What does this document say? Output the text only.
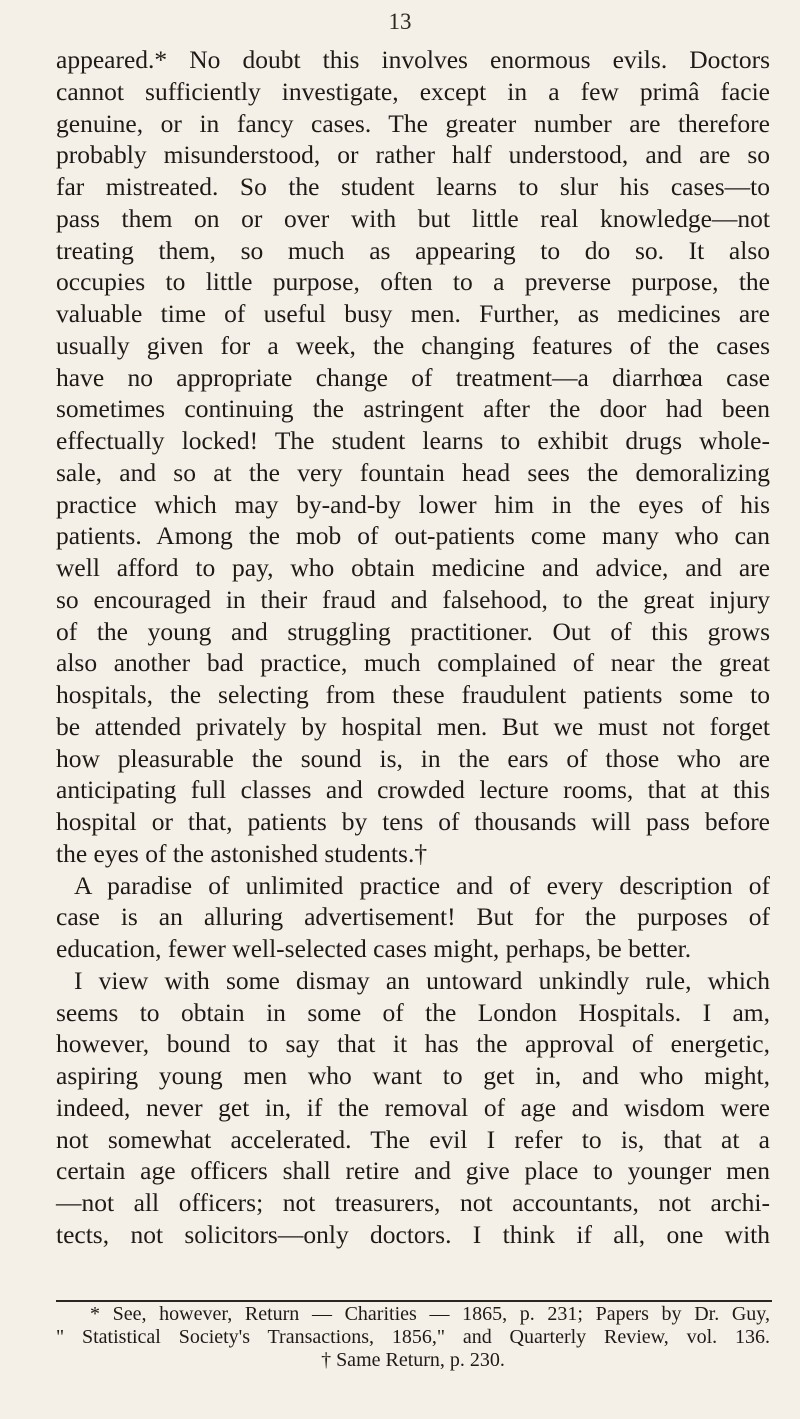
13
appeared.* No doubt this involves enormous evils. Doctors
cannot sufficiently investigate, except in a few primâ facie
genuine, or in fancy cases. The greater number are therefore
probably misunderstood, or rather half understood, and are so
far mistreated. So the student learns to slur his cases—to
pass them on or over with but little real knowledge—not
treating them, so much as appearing to do so. It also
occupies to little purpose, often to a preverse purpose, the
valuable time of useful busy men. Further, as medicines are
usually given for a week, the changing features of the cases
have no appropriate change of treatment—a diarrhœa case
sometimes continuing the astringent after the door had been
effectually locked! The student learns to exhibit drugs whole-
sale, and so at the very fountain head sees the demoralizing
practice which may by-and-by lower him in the eyes of his
patients. Among the mob of out-patients come many who can
well afford to pay, who obtain medicine and advice, and are
so encouraged in their fraud and falsehood, to the great injury
of the young and struggling practitioner. Out of this grows
also another bad practice, much complained of near the great
hospitals, the selecting from these fraudulent patients some to
be attended privately by hospital men. But we must not forget
how pleasurable the sound is, in the ears of those who are
anticipating full classes and crowded lecture rooms, that at this
hospital or that, patients by tens of thousands will pass before
the eyes of the astonished students.†
A paradise of unlimited practice and of every description of
case is an alluring advertisement! But for the purposes of
education, fewer well-selected cases might, perhaps, be better.
I view with some dismay an untoward unkindly rule, which
seems to obtain in some of the London Hospitals. I am,
however, bound to say that it has the approval of energetic,
aspiring young men who want to get in, and who might,
indeed, never get in, if the removal of age and wisdom were
not somewhat accelerated. The evil I refer to is, that at a
certain age officers shall retire and give place to younger men
—not all officers; not treasurers, not accountants, not archi-
tects, not solicitors—only doctors. I think if all, one with
* See, however, Return — Charities — 1865, p. 231; Papers by Dr. Guy,
" Statistical Society's Transactions, 1856," and Quarterly Review, vol. 136.
† Same Return, p. 230.
